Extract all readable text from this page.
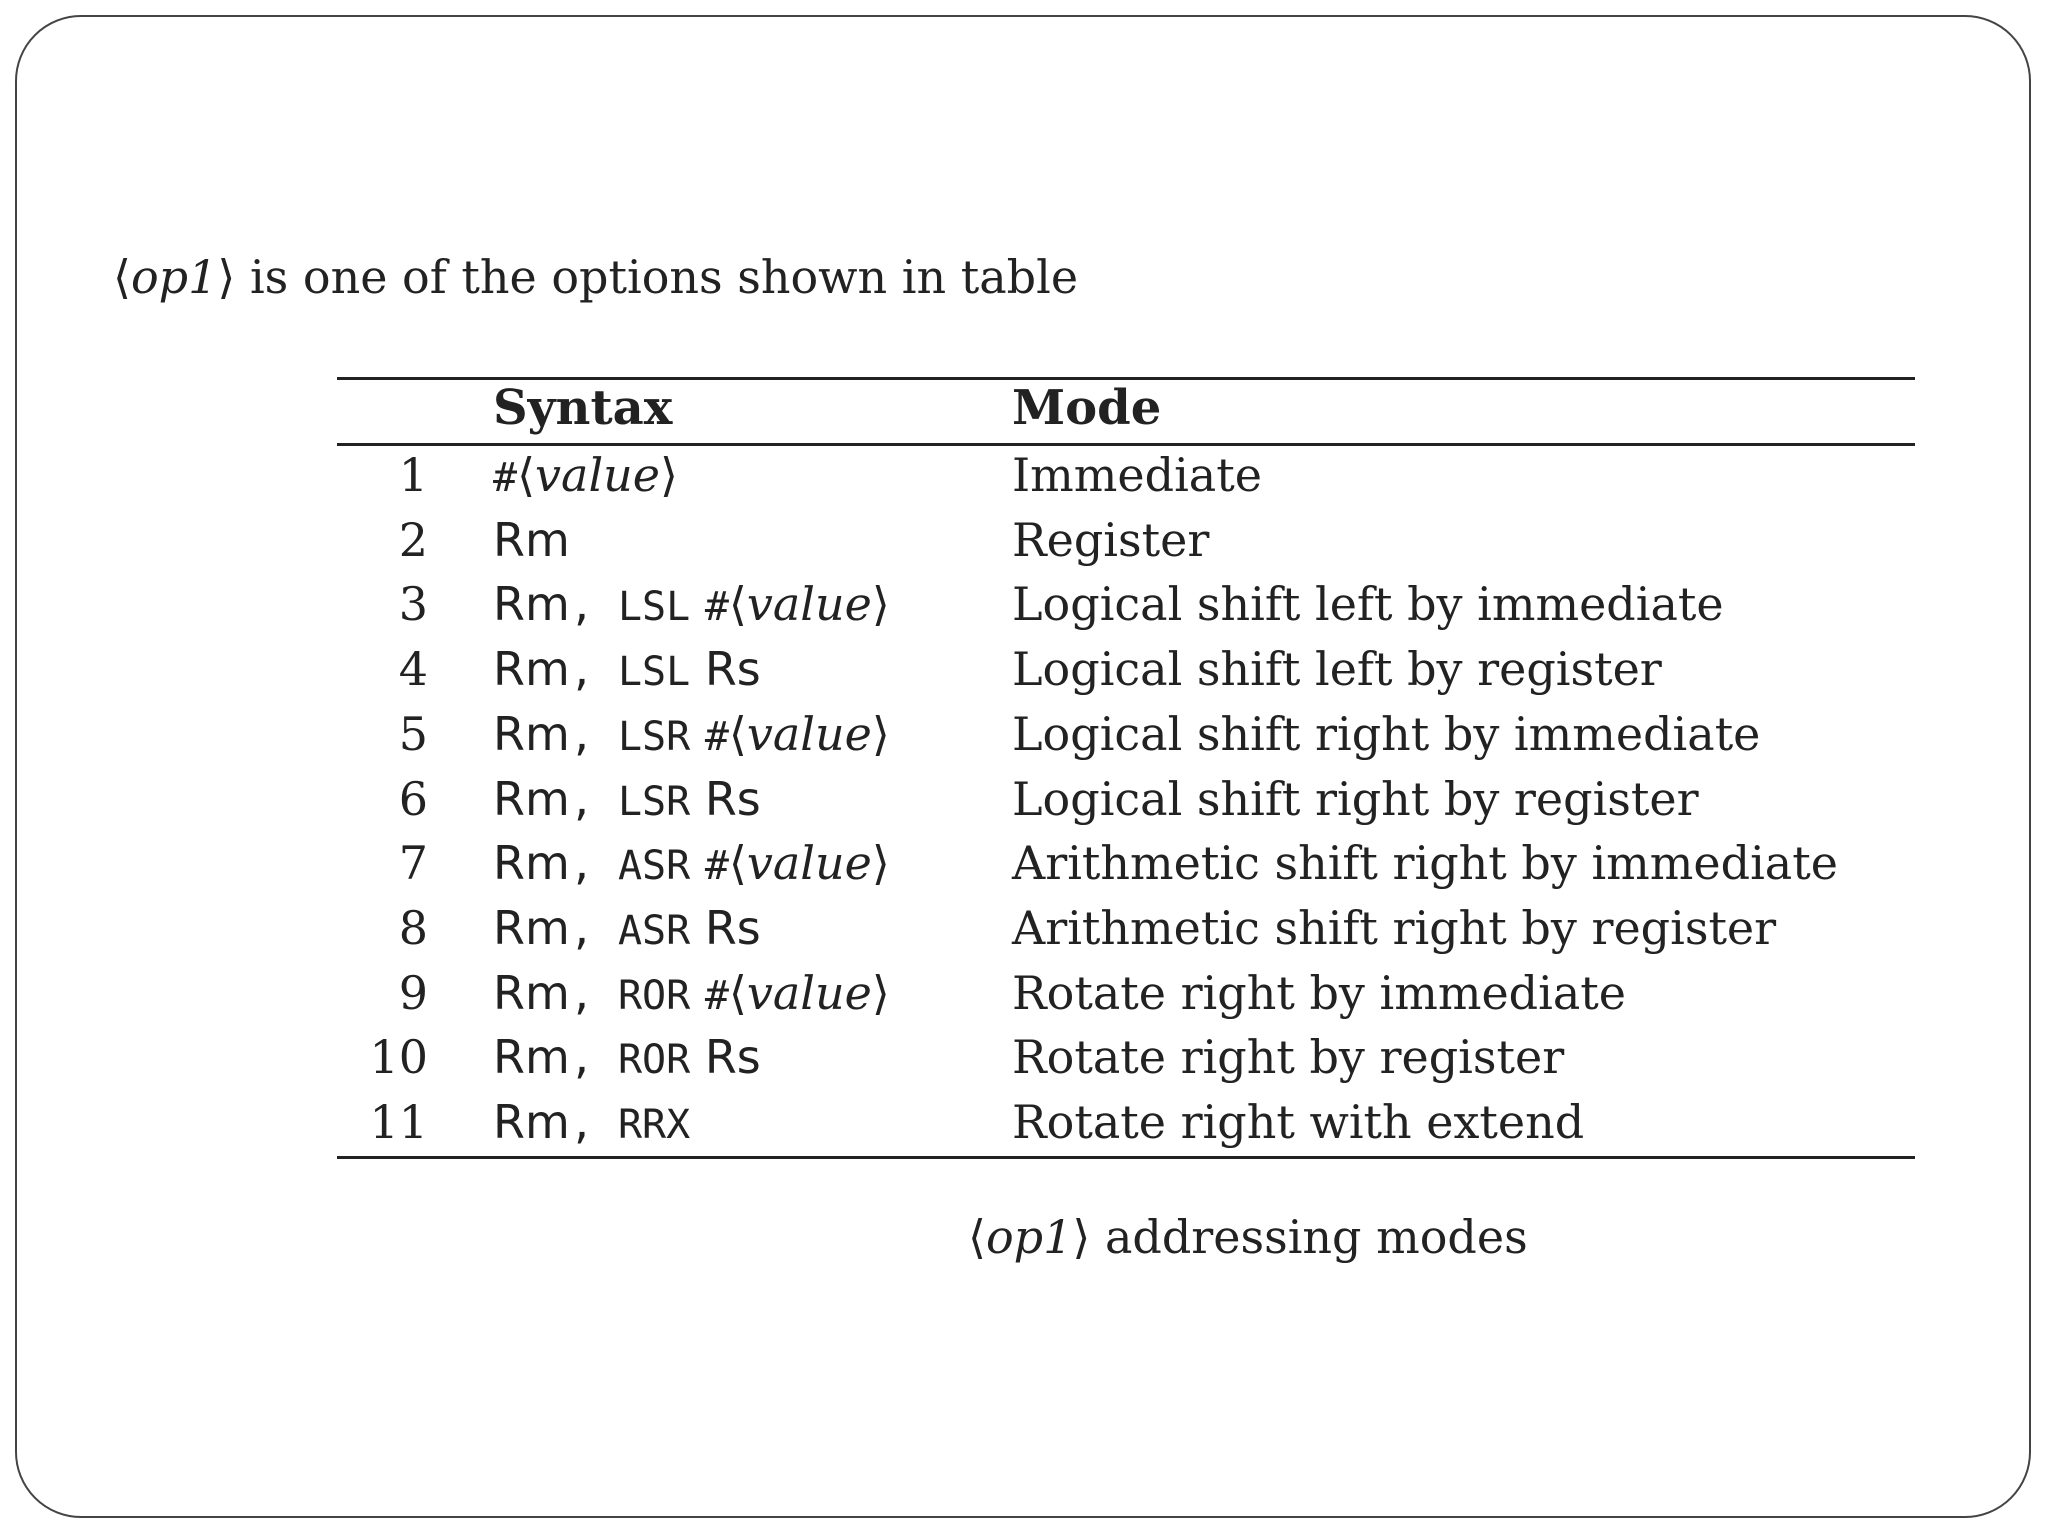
⟨op1⟩ is one of the options shown in table
Syntax	Mode
1 #⟨value⟩	Immediate
2 Rm	Register
3 Rm, LSL #⟨value⟩	Logical shift left by immediate
4 Rm, LSL Rs	Logical shift left by register
5 Rm, LSR #⟨value⟩	Logical shift right by immediate
6 Rm, LSR Rs	Logical shift right by register
7 Rm, ASR #⟨value⟩	Arithmetic shift right by immediate
8 Rm, ASR Rs	Arithmetic shift right by register
9 Rm, ROR #⟨value⟩	Rotate right by immediate
10 Rm, ROR Rs	Rotate right by register
11 Rm, RRX	Rotate right with extend
⟨op1⟩ addressing modes
